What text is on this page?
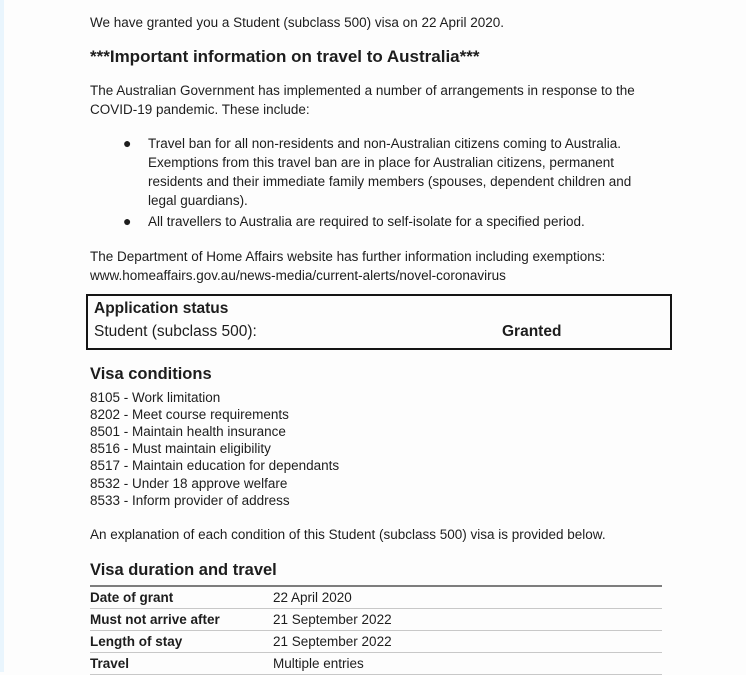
We have granted you a Student (subclass 500) visa on 22 April 2020.

***Important information on travel to Australia***

The Australian Government has implemented a number of arrangements in response to the COVID-19 pandemic. These include:

●	Travel ban for all non-residents and non-Australian citizens coming to Australia. Exemptions from this travel ban are in place for Australian citizens, permanent residents and their immediate family members (spouses, dependent children and legal guardians).
●	All travellers to Australia are required to self-isolate for a specified period.

The Department of Home Affairs website has further information including exemptions:
www.homeaffairs.gov.au/news-media/current-alerts/novel-coronavirus

Application status
Student (subclass 500):	Granted
Visa conditions
8105 - Work limitation
8202 - Meet course requirements
8501 - Maintain health insurance
8516 - Must maintain eligibility
8517 - Maintain education for dependants
8532 - Under 18 approve welfare
8533 - Inform provider of address

An explanation of each condition of this Student (subclass 500) visa is provided below.

Visa duration and travel
Date of grant	22 April 2020
Must not arrive after	21 September 2022
Length of stay	21 September 2022
Travel	Multiple entries
